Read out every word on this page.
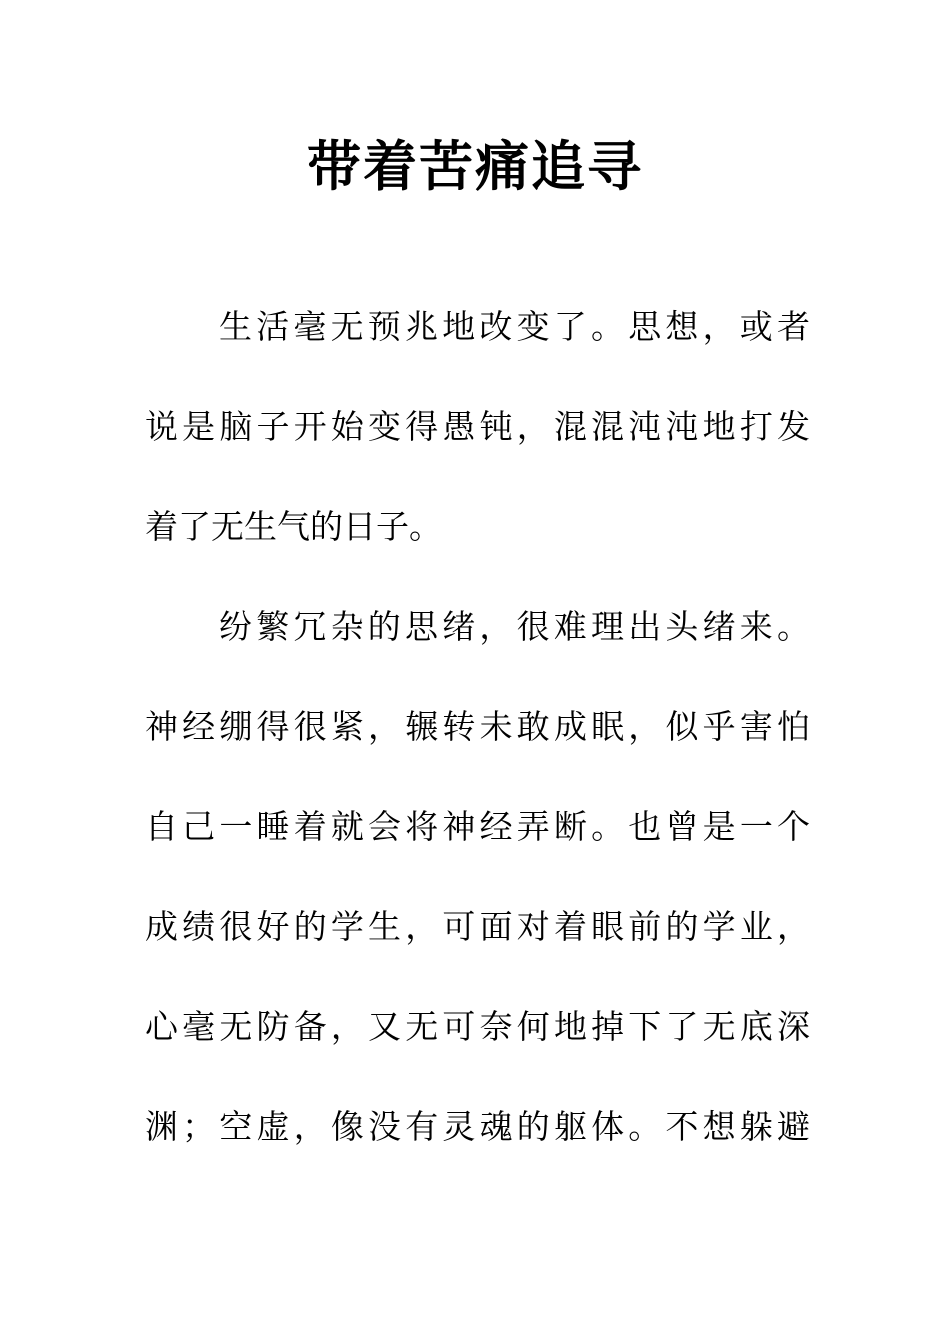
带着苦痛追寻
生活毫无预兆地改变了。思想，或者
说是脑子开始变得愚钝，混混沌沌地打发
着了无生气的日子。
纷繁冗杂的思绪，很难理出头绪来。
神经绷得很紧，辗转未敢成眠，似乎害怕
自己一睡着就会将神经弄断。也曾是一个
成绩很好的学生，可面对着眼前的学业，
心毫无防备，又无可奈何地掉下了无底深
渊；空虚，像没有灵魂的躯体。不想躲避
